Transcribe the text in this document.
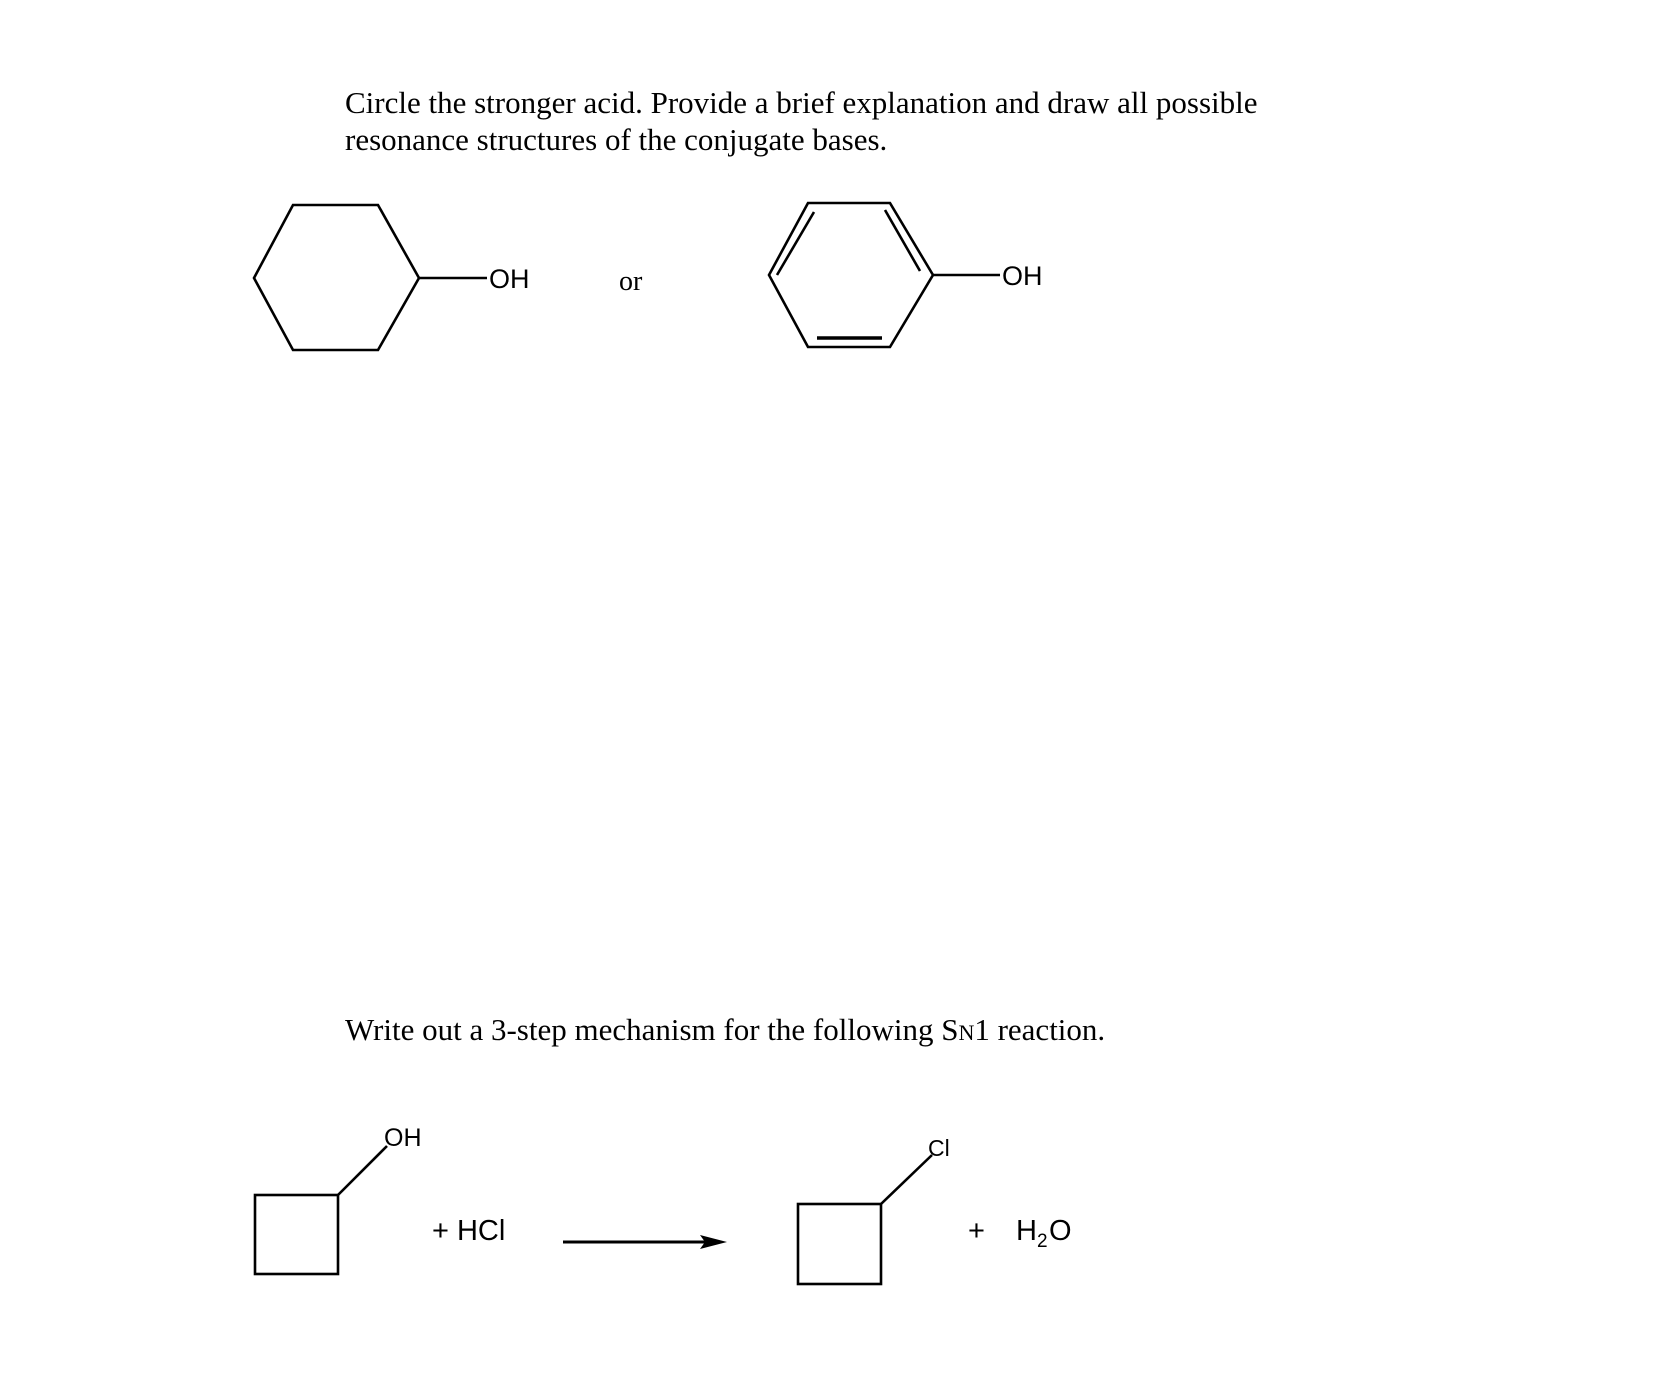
Circle the stronger acid. Provide a brief explanation and draw all possible
resonance structures of the conjugate bases.
Write out a 3-step mechanism for the following SN1 reaction.
OH	or	OH
OH
+ HCl
Cl
+ H 2 O
